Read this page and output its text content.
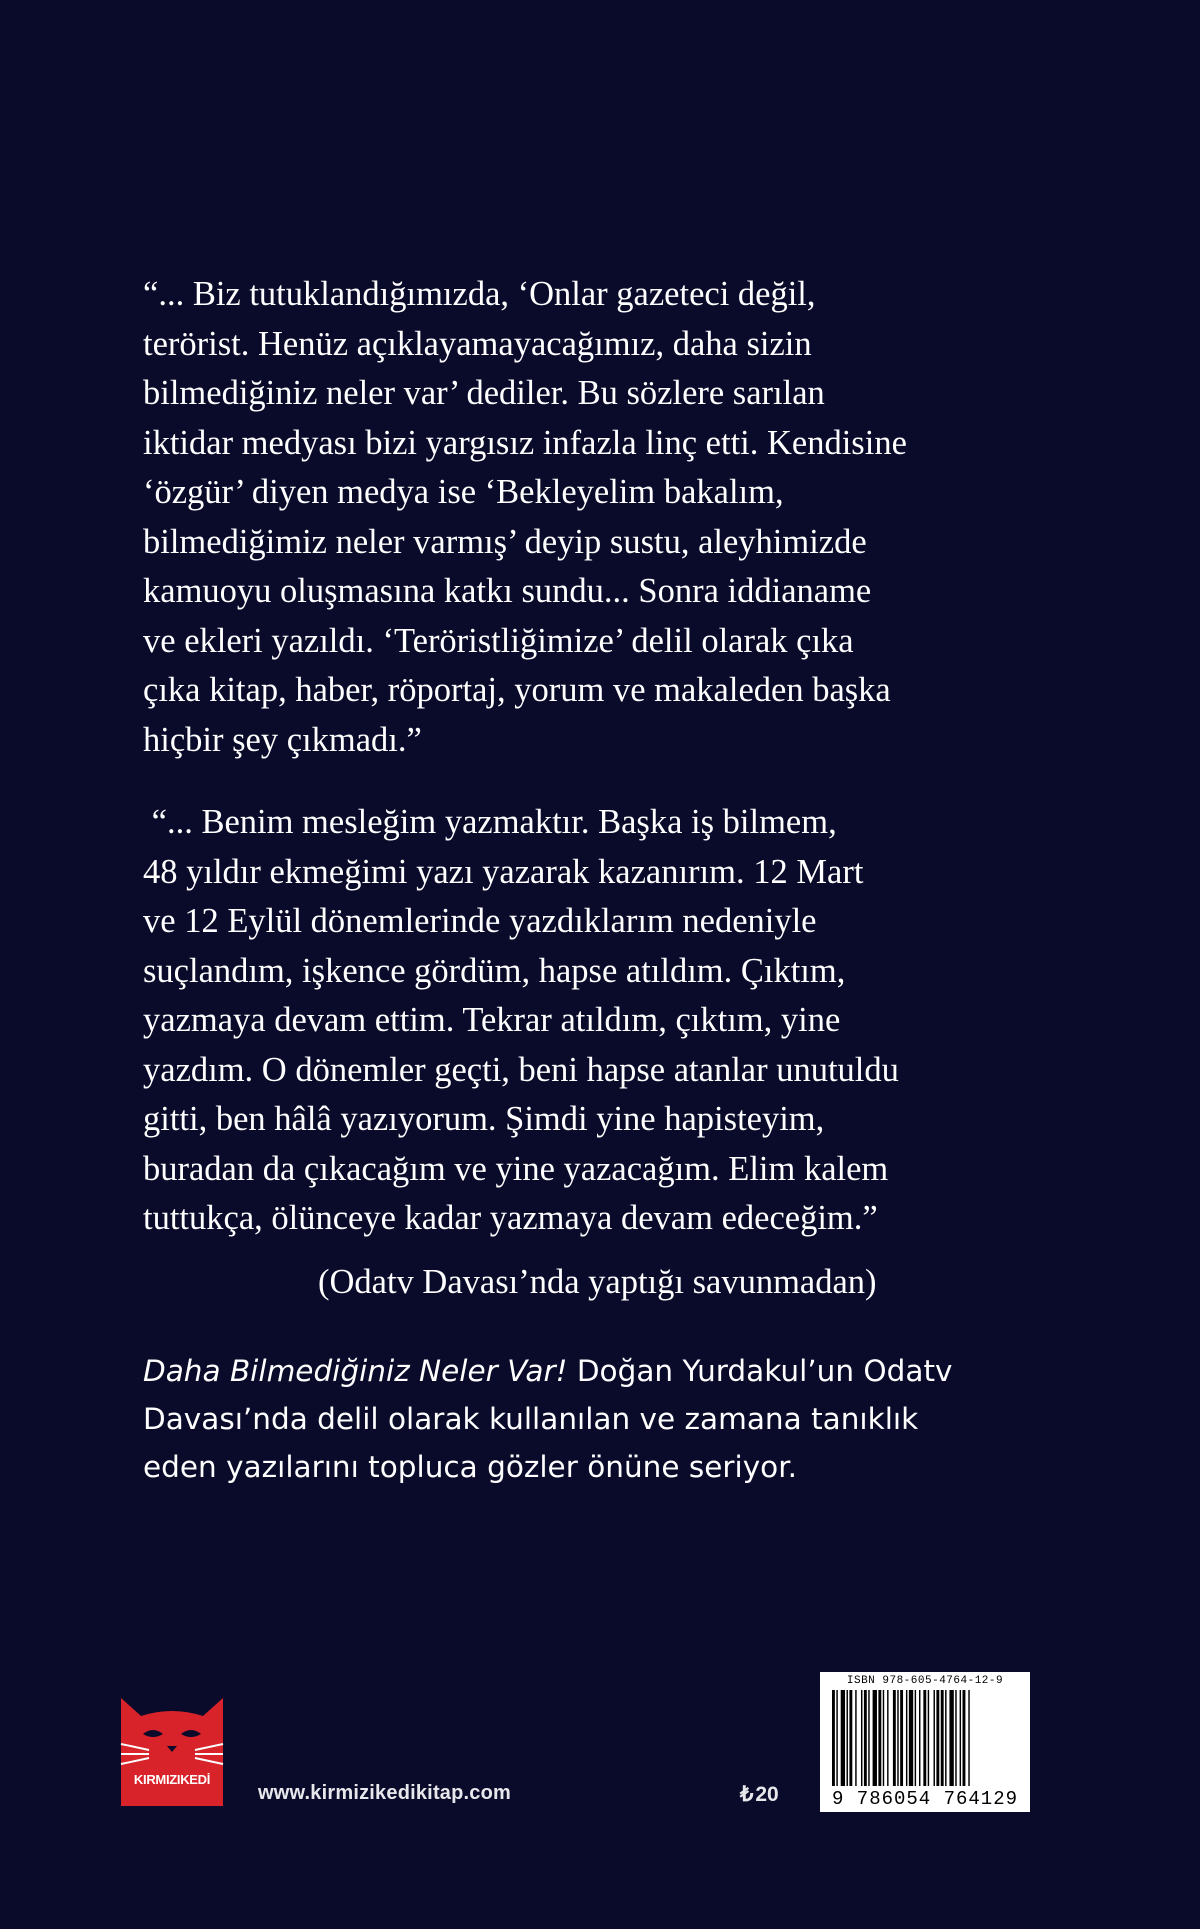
“... Biz tutuklandığımızda, ‘Onlar gazeteci değil,
terörist. Henüz açıklayamayacağımız, daha sizin
bilmediğiniz neler var’ dediler. Bu sözlere sarılan
iktidar medyası bizi yargısız infazla linç etti. Kendisine
‘özgür’ diyen medya ise ‘Bekleyelim bakalım,
bilmediğimiz neler varmış’ deyip sustu, aleyhimizde
kamuoyu oluşmasına katkı sundu... Sonra iddianame
ve ekleri yazıldı. ‘Teröristliğimize’ delil olarak çıka
çıka kitap, haber, röportaj, yorum ve makaleden başka
hiçbir şey çıkmadı.”
“... Benim mesleğim yazmaktır. Başka iş bilmem,
48 yıldır ekmeğimi yazı yazarak kazanırım. 12 Mart
ve 12 Eylül dönemlerinde yazdıklarım nedeniyle
suçlandım, işkence gördüm, hapse atıldım. Çıktım,
yazmaya devam ettim. Tekrar atıldım, çıktım, yine
yazdım. O dönemler geçti, beni hapse atanlar unutuldu
gitti, ben hâlâ yazıyorum. Şimdi yine hapisteyim,
buradan da çıkacağım ve yine yazacağım. Elim kalem
tuttukça, ölünceye kadar yazmaya devam edeceğim.”
(Odatv Davası’nda yaptığı savunmadan)
Daha Bilmediğiniz Neler Var! Doğan Yurdakul’un Odatv
Davası’nda delil olarak kullanılan ve zamana tanıklık
eden yazılarını topluca gözler önüne seriyor.
KIRMIZIKEDİ
www.kirmizikedikitap.com	₺20
ISBN 978-605-4764-12-9
9 786054 764129
